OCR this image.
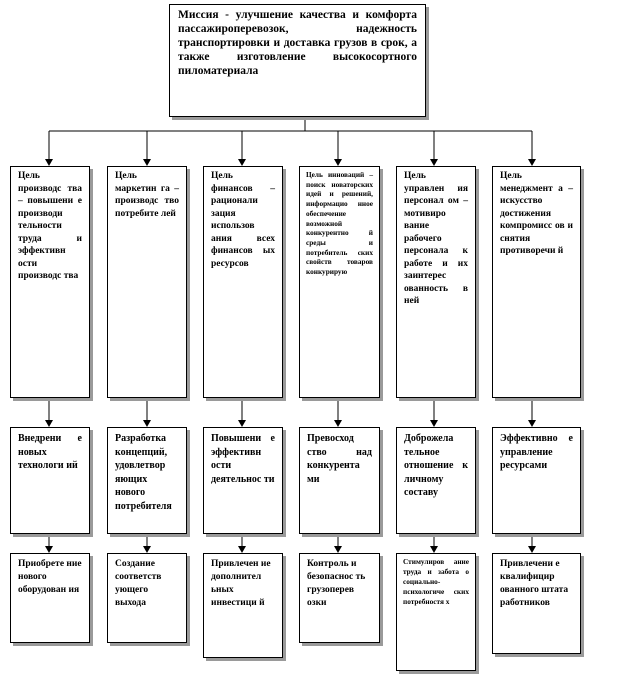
Миссия - улучшение качества и комфорта пассажироперевозок, надежность транспортировки и доставка грузов в срок, а также изготовление высокосортного пиломатериала
Цель производс тва – повышени е производи тельности труда и эффективн ости производс тва
Цель маркетин га – производс тво потребите лей
Цель финансов – рационали зация использов ания всех финансов ых ресурсов
Цель инноваций – поиск новаторских идей и решений, информацио нное обеспечение возможной конкурентно й среды и потребитель ских свойств товаров конкурирую
Цель управлен ия персонал ом – мотивиро вание рабочего персонала к работе и их заинтерес ованность в ней
Цель менеджмент а – искусство достижения компромисс ов и снятия противоречи й
Внедрени е новых технологи ий
Разработка концепций, удовлетвор яющих нового потребителя
Повышени е эффективн ости деятельнос ти
Превосход ство над конкурента ми
Доброжела тельное отношение к личному составу
Эффективно е управление ресурсами
Приобрете ние нового оборудован ия
Создание соответств ующего выхода
Привлечен ие дополнител ьных инвестици й
Контроль и безопаснос ть грузоперев озки
Стимулиров ание труда и забота о социально-психологиче ских потребностя х
Привлечени е квалифицир ованного штата работников
